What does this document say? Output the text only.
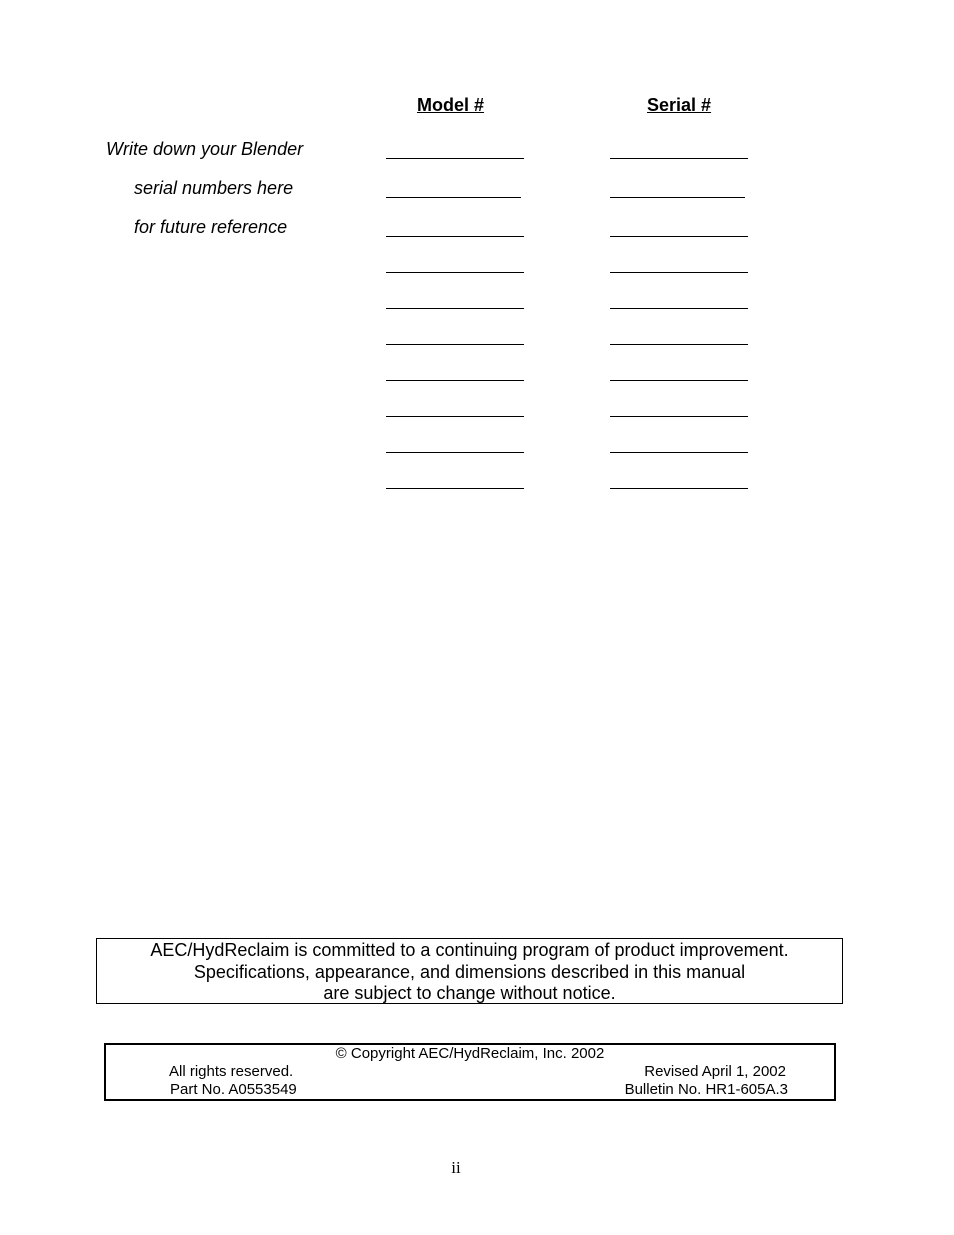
Model #	Serial #
Write down your Blender
serial numbers here
for future reference
AEC/HydReclaim is committed to a continuing program of product improvement.
Specifications, appearance, and dimensions described in this manual
are subject to change without notice.
© Copyright AEC/HydReclaim, Inc. 2002
All rights reserved.
Part No. A0553549
Revised April 1, 2002
Bulletin No. HR1-605A.3
ii
